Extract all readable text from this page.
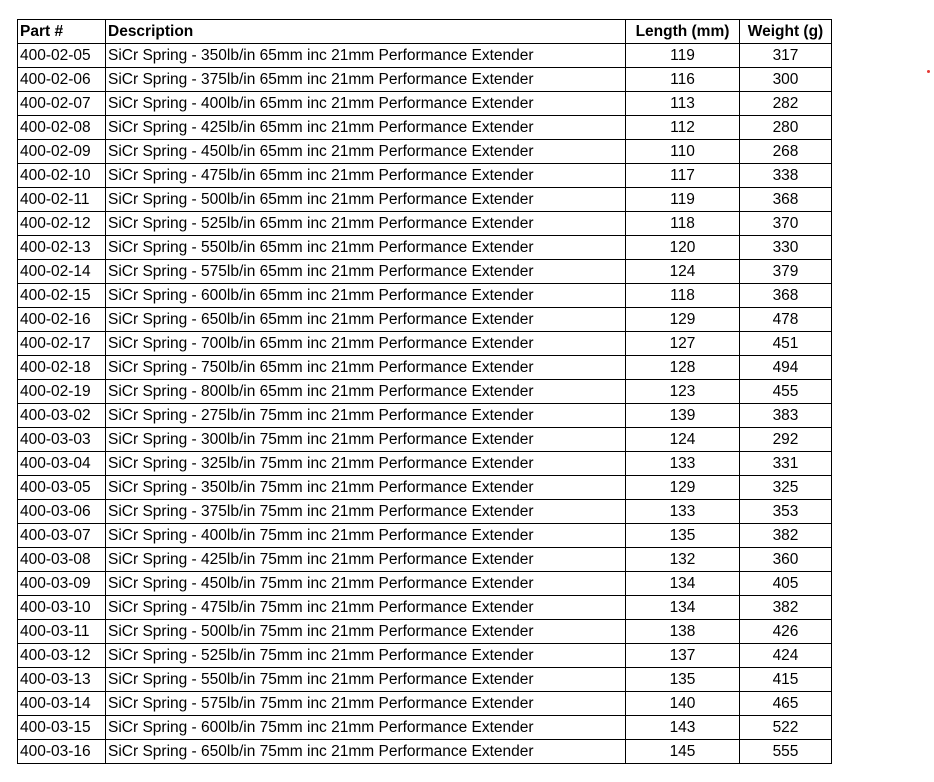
Part #	Description	Length (mm)	Weight (g)
400-02-05	SiCr Spring - 350lb/in 65mm inc 21mm Performance Extender	119	317
400-02-06	SiCr Spring - 375lb/in 65mm inc 21mm Performance Extender	116	300
400-02-07	SiCr Spring - 400lb/in 65mm inc 21mm Performance Extender	113	282
400-02-08	SiCr Spring - 425lb/in 65mm inc 21mm Performance Extender	112	280
400-02-09	SiCr Spring - 450lb/in 65mm inc 21mm Performance Extender	110	268
400-02-10	SiCr Spring - 475lb/in 65mm inc 21mm Performance Extender	117	338
400-02-11	SiCr Spring - 500lb/in 65mm inc 21mm Performance Extender	119	368
400-02-12	SiCr Spring - 525lb/in 65mm inc 21mm Performance Extender	118	370
400-02-13	SiCr Spring - 550lb/in 65mm inc 21mm Performance Extender	120	330
400-02-14	SiCr Spring - 575lb/in 65mm inc 21mm Performance Extender	124	379
400-02-15	SiCr Spring - 600lb/in 65mm inc 21mm Performance Extender	118	368
400-02-16	SiCr Spring - 650lb/in 65mm inc 21mm Performance Extender	129	478
400-02-17	SiCr Spring - 700lb/in 65mm inc 21mm Performance Extender	127	451
400-02-18	SiCr Spring - 750lb/in 65mm inc 21mm Performance Extender	128	494
400-02-19	SiCr Spring - 800lb/in 65mm inc 21mm Performance Extender	123	455
400-03-02	SiCr Spring - 275lb/in 75mm inc 21mm Performance Extender	139	383
400-03-03	SiCr Spring - 300lb/in 75mm inc 21mm Performance Extender	124	292
400-03-04	SiCr Spring - 325lb/in 75mm inc 21mm Performance Extender	133	331
400-03-05	SiCr Spring - 350lb/in 75mm inc 21mm Performance Extender	129	325
400-03-06	SiCr Spring - 375lb/in 75mm inc 21mm Performance Extender	133	353
400-03-07	SiCr Spring - 400lb/in 75mm inc 21mm Performance Extender	135	382
400-03-08	SiCr Spring - 425lb/in 75mm inc 21mm Performance Extender	132	360
400-03-09	SiCr Spring - 450lb/in 75mm inc 21mm Performance Extender	134	405
400-03-10	SiCr Spring - 475lb/in 75mm inc 21mm Performance Extender	134	382
400-03-11	SiCr Spring - 500lb/in 75mm inc 21mm Performance Extender	138	426
400-03-12	SiCr Spring - 525lb/in 75mm inc 21mm Performance Extender	137	424
400-03-13	SiCr Spring - 550lb/in 75mm inc 21mm Performance Extender	135	415
400-03-14	SiCr Spring - 575lb/in 75mm inc 21mm Performance Extender	140	465
400-03-15	SiCr Spring - 600lb/in 75mm inc 21mm Performance Extender	143	522
400-03-16	SiCr Spring - 650lb/in 75mm inc 21mm Performance Extender	145	555
